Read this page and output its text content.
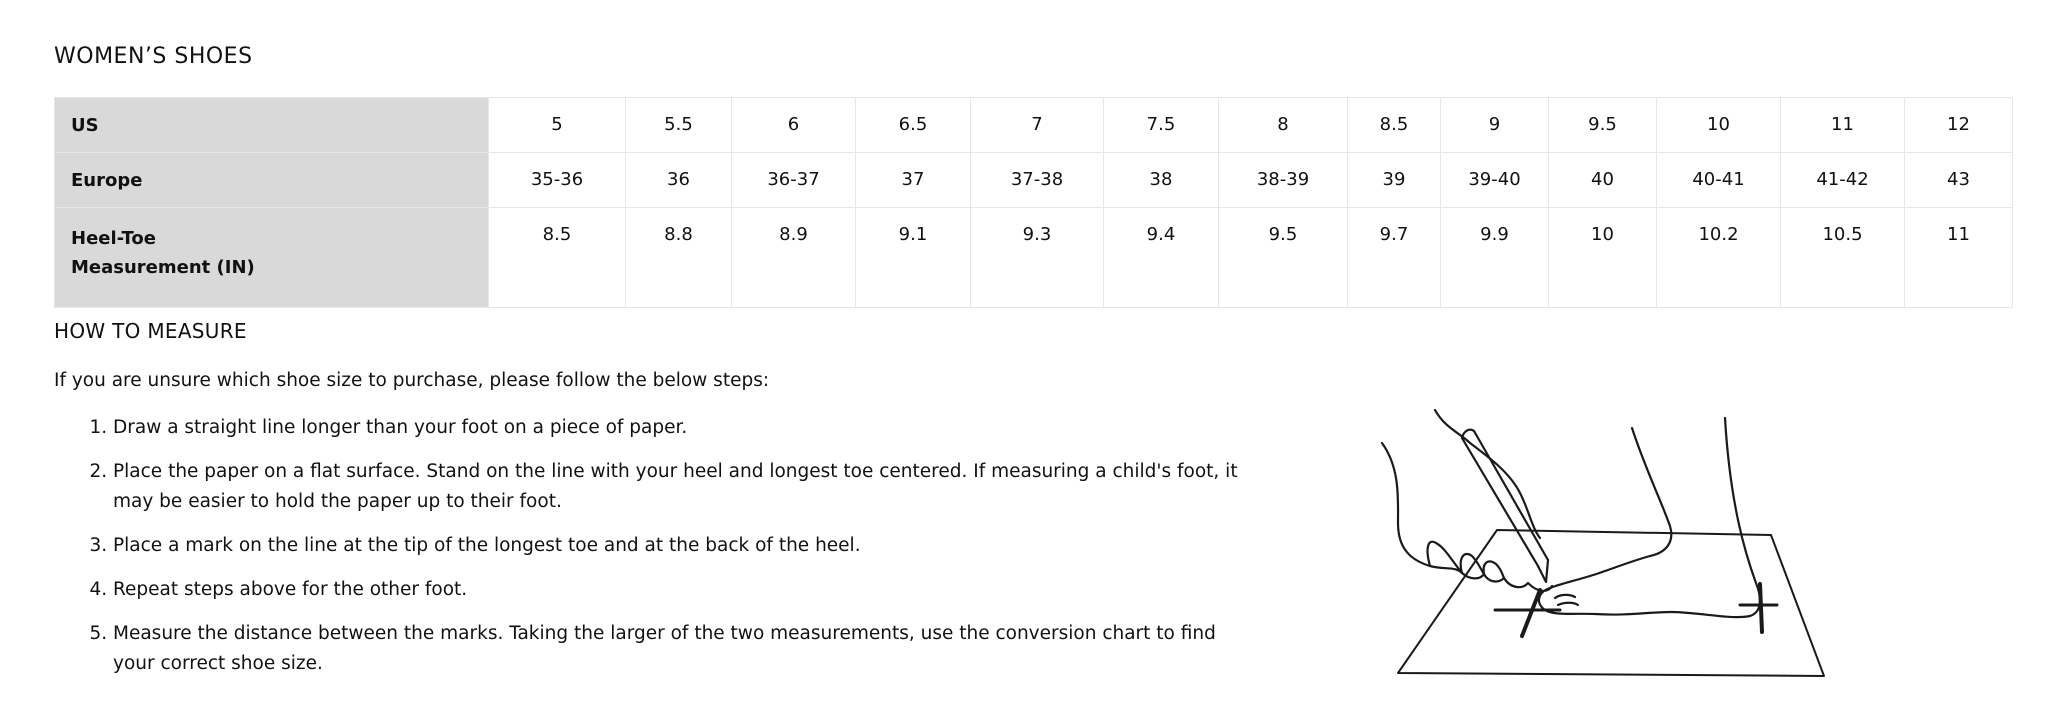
WOMEN’S SHOES
US	5	5.5	6	6.5	7	7.5	8	8.5	9	9.5	10	11	12
Europe	35-36	36	36-37	37	37-38	38	38-39	39	39-40	40	40-41	41-42	43

Heel-Toe
Measurement (IN)	8.5	8.8	8.9	9.1	9.3	9.4	9.5	9.7	9.9	10	10.2	10.5	11
HOW TO MEASURE

If you are unsure which shoe size to purchase, please follow the below steps:

1. Draw a straight line longer than your foot on a piece of paper.
2. Place the paper on a flat surface. Stand on the line with your heel and longest toe centered. If measuring a child's foot, it may be easier to hold the paper up to their foot.
3. Place a mark on the line at the tip of the longest toe and at the back of the heel.
4. Repeat steps above for the other foot.
5. Measure the distance between the marks. Taking the larger of the two measurements, use the conversion chart to find your correct shoe size.
